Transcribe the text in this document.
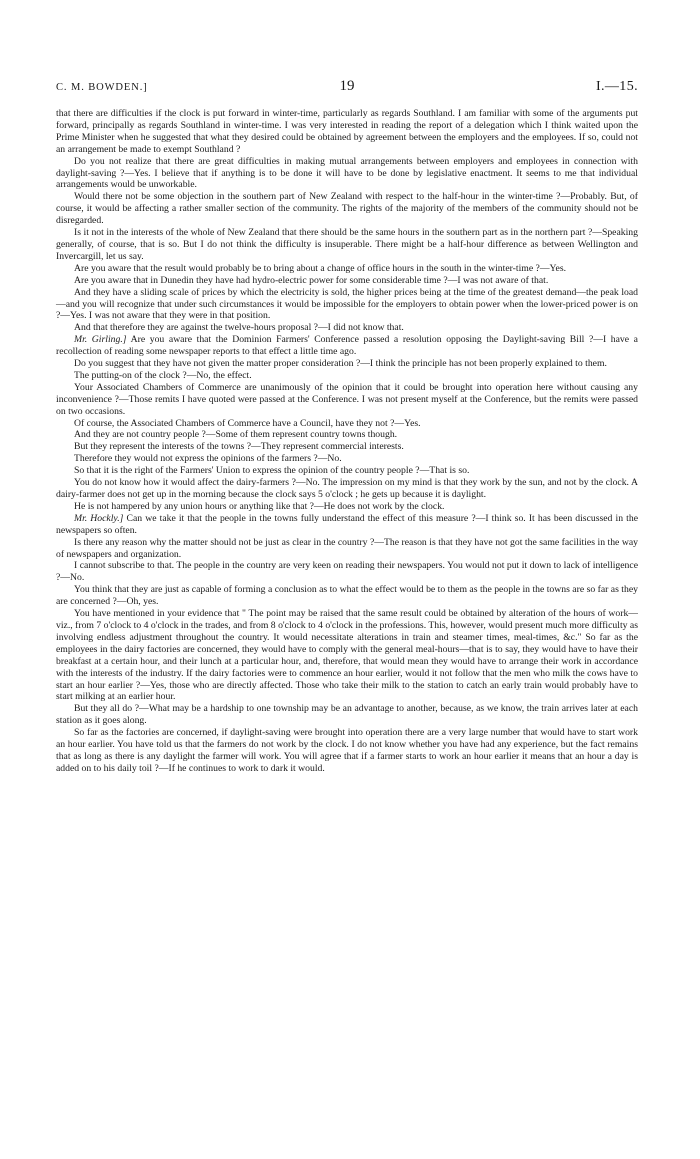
C. M. BOWDEN.]	19	I.—15.

that there are difficulties if the clock is put forward in winter-time, particularly as regards Southland. I am familiar with some of the arguments put forward, principally as regards Southland in winter-time. I was very interested in reading the report of a delegation which I think waited upon the Prime Minister when he suggested that what they desired could be obtained by agreement between the employers and the employees. If so, could not an arrangement be made to exempt Southland ?

Do you not realize that there are great difficulties in making mutual arrangements between employers and employees in connection with daylight-saving ?—Yes. I believe that if anything is to be done it will have to be done by legislative enactment. It seems to me that individual arrangements would be unworkable.

Would there not be some objection in the southern part of New Zealand with respect to the half-hour in the winter-time ?—Probably. But, of course, it would be affecting a rather smaller section of the community. The rights of the majority of the members of the community should not be disregarded.

Is it not in the interests of the whole of New Zealand that there should be the same hours in the southern part as in the northern part ?—Speaking generally, of course, that is so. But I do not think the difficulty is insuperable. There might be a half-hour difference as between Wellington and Invercargill, let us say.

Are you aware that the result would probably be to bring about a change of office hours in the south in the winter-time ?—Yes.

Are you aware that in Dunedin they have had hydro-electric power for some considerable time ?—I was not aware of that.

And they have a sliding scale of prices by which the electricity is sold, the higher prices being at the time of the greatest demand—the peak load—and you will recognize that under such circumstances it would be impossible for the employers to obtain power when the lower-priced power is on ?—Yes. I was not aware that they were in that position.

And that therefore they are against the twelve-hours proposal ?—I did not know that.

Mr. Girling.] Are you aware that the Dominion Farmers' Conference passed a resolution opposing the Daylight-saving Bill ?—I have a recollection of reading some newspaper reports to that effect a little time ago.

Do you suggest that they have not given the matter proper consideration ?—I think the principle has not been properly explained to them.

The putting-on of the clock ?—No, the effect.

Your Associated Chambers of Commerce are unanimously of the opinion that it could be brought into operation here without causing any inconvenience ?—Those remits I have quoted were passed at the Conference. I was not present myself at the Conference, but the remits were passed on two occasions.

Of course, the Associated Chambers of Commerce have a Council, have they not ?—Yes.

And they are not country people ?—Some of them represent country towns though.

But they represent the interests of the towns ?—They represent commercial interests.

Therefore they would not express the opinions of the farmers ?—No.

So that it is the right of the Farmers' Union to express the opinion of the country people ?—That is so.

You do not know how it would affect the dairy-farmers ?—No. The impression on my mind is that they work by the sun, and not by the clock. A dairy-farmer does not get up in the morning because the clock says 5 o'clock ; he gets up because it is daylight.

He is not hampered by any union hours or anything like that ?—He does not work by the clock.

Mr. Hockly.] Can we take it that the people in the towns fully understand the effect of this measure ?—I think so. It has been discussed in the newspapers so often.

Is there any reason why the matter should not be just as clear in the country ?—The reason is that they have not got the same facilities in the way of newspapers and organization.

I cannot subscribe to that. The people in the country are very keen on reading their newspapers. You would not put it down to lack of intelligence ?—No.

You think that they are just as capable of forming a conclusion as to what the effect would be to them as the people in the towns are so far as they are concerned ?—Oh, yes.

You have mentioned in your evidence that " The point may be raised that the same result could be obtained by alteration of the hours of work—viz., from 7 o'clock to 4 o'clock in the trades, and from 8 o'clock to 4 o'clock in the professions. This, however, would present much more difficulty as involving endless adjustment throughout the country. It would necessitate alterations in train and steamer times, meal-times, &c." So far as the employees in the dairy factories are concerned, they would have to comply with the general meal-hours—that is to say, they would have to have their breakfast at a certain hour, and their lunch at a particular hour, and, therefore, that would mean they would have to arrange their work in accordance with the interests of the industry. If the dairy factories were to commence an hour earlier, would it not follow that the men who milk the cows have to start an hour earlier ?—Yes, those who are directly affected. Those who take their milk to the station to catch an early train would probably have to start milking at an earlier hour.

But they all do ?—What may be a hardship to one township may be an advantage to another, because, as we know, the train arrives later at each station as it goes along.

So far as the factories are concerned, if daylight-saving were brought into operation there are a very large number that would have to start work an hour earlier. You have told us that the farmers do not work by the clock. I do not know whether you have had any experience, but the fact remains that as long as there is any daylight the farmer will work. You will agree that if a farmer starts to work an hour earlier it means that an hour a day is added on to his daily toil ?—If he continues to work to dark it would.
